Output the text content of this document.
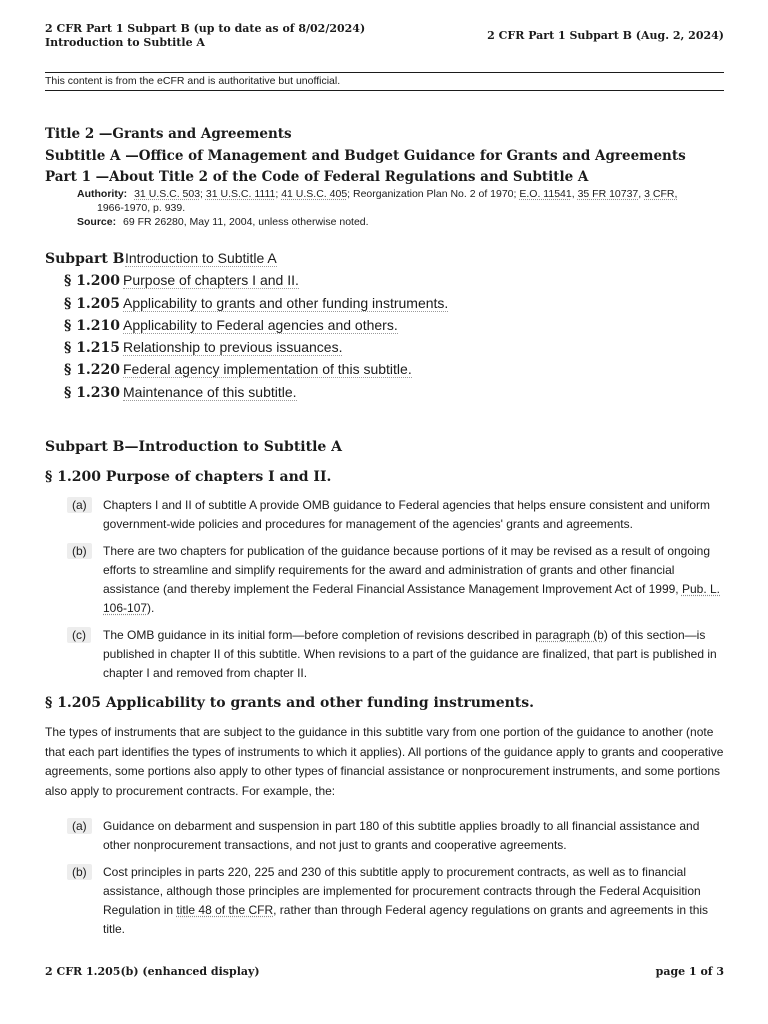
2 CFR Part 1 Subpart B (up to date as of 8/02/2024)
Introduction to Subtitle A
2 CFR Part 1 Subpart B (Aug. 2, 2024)
This content is from the eCFR and is authoritative but unofficial.
Title 2 —Grants and Agreements
Subtitle A —Office of Management and Budget Guidance for Grants and Agreements
Part 1 —About Title 2 of the Code of Federal Regulations and Subtitle A
Authority: 31 U.S.C. 503; 31 U.S.C. 1111; 41 U.S.C. 405; Reorganization Plan No. 2 of 1970; E.O. 11541, 35 FR 10737, 3 CFR,
1966-1970, p. 939.
Source: 69 FR 26280, May 11, 2004, unless otherwise noted.
Subpart B Introduction to Subtitle A
§ 1.200 Purpose of chapters I and II.
§ 1.205 Applicability to grants and other funding instruments.
§ 1.210 Applicability to Federal agencies and others.
§ 1.215 Relationship to previous issuances.
§ 1.220 Federal agency implementation of this subtitle.
§ 1.230 Maintenance of this subtitle.
Subpart B—Introduction to Subtitle A
§ 1.200 Purpose of chapters I and II.
(a)	Chapters I and II of subtitle A provide OMB guidance to Federal agencies that helps ensure consistent and uniform government-wide policies and procedures for management of the agencies' grants and agreements.
(b)	There are two chapters for publication of the guidance because portions of it may be revised as a result of ongoing efforts to streamline and simplify requirements for the award and administration of grants and other financial assistance (and thereby implement the Federal Financial Assistance Management Improvement Act of 1999, Pub. L. 106-107).
(c)	The OMB guidance in its initial form—before completion of revisions described in paragraph (b) of this section—is published in chapter II of this subtitle. When revisions to a part of the guidance are finalized, that part is published in chapter I and removed from chapter II.
§ 1.205 Applicability to grants and other funding instruments.
The types of instruments that are subject to the guidance in this subtitle vary from one portion of the guidance to another (note that each part identifies the types of instruments to which it applies). All portions of the guidance apply to grants and cooperative agreements, some portions also apply to other types of financial assistance or nonprocurement instruments, and some portions also apply to procurement contracts. For example, the:
(a)	Guidance on debarment and suspension in part 180 of this subtitle applies broadly to all financial assistance and other nonprocurement transactions, and not just to grants and cooperative agreements.
(b)	Cost principles in parts 220, 225 and 230 of this subtitle apply to procurement contracts, as well as to financial assistance, although those principles are implemented for procurement contracts through the Federal Acquisition Regulation in title 48 of the CFR, rather than through Federal agency regulations on grants and agreements in this title.
2 CFR 1.205(b) (enhanced display)	page 1 of 3
